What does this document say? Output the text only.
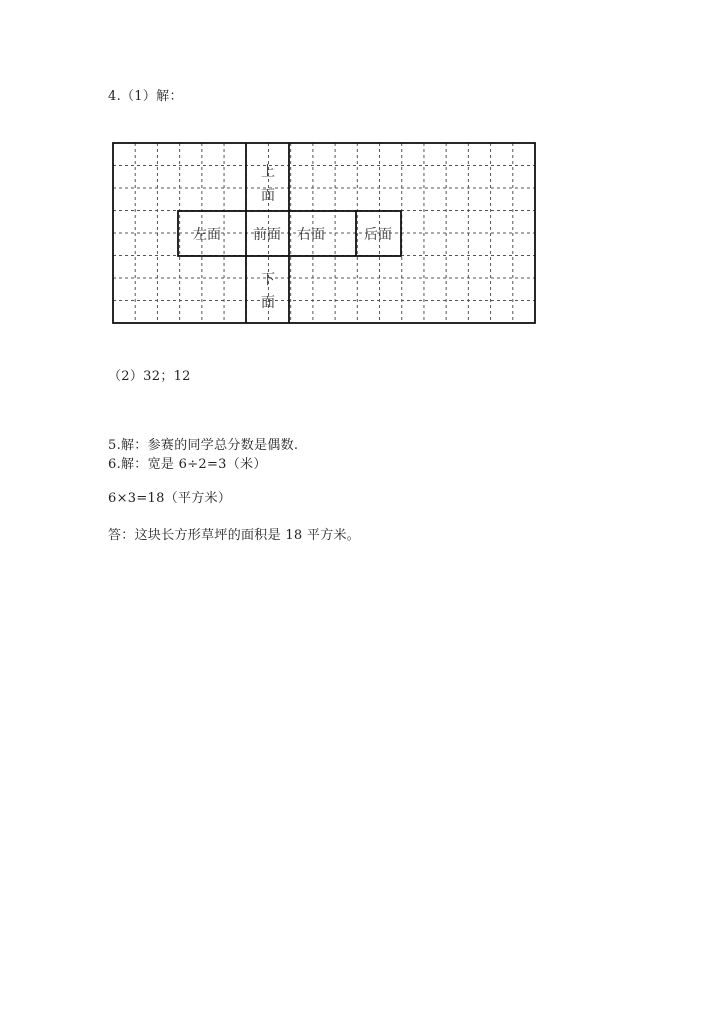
4.（1）解：
上
面
左面 前面 右面	后面
下
面
（2）32；12
5.解：参赛的同学总分数是偶数.
6.解：宽是 6÷2=3（米）
6×3=18（平方米）
答：这块长方形草坪的面积是 18 平方米。
